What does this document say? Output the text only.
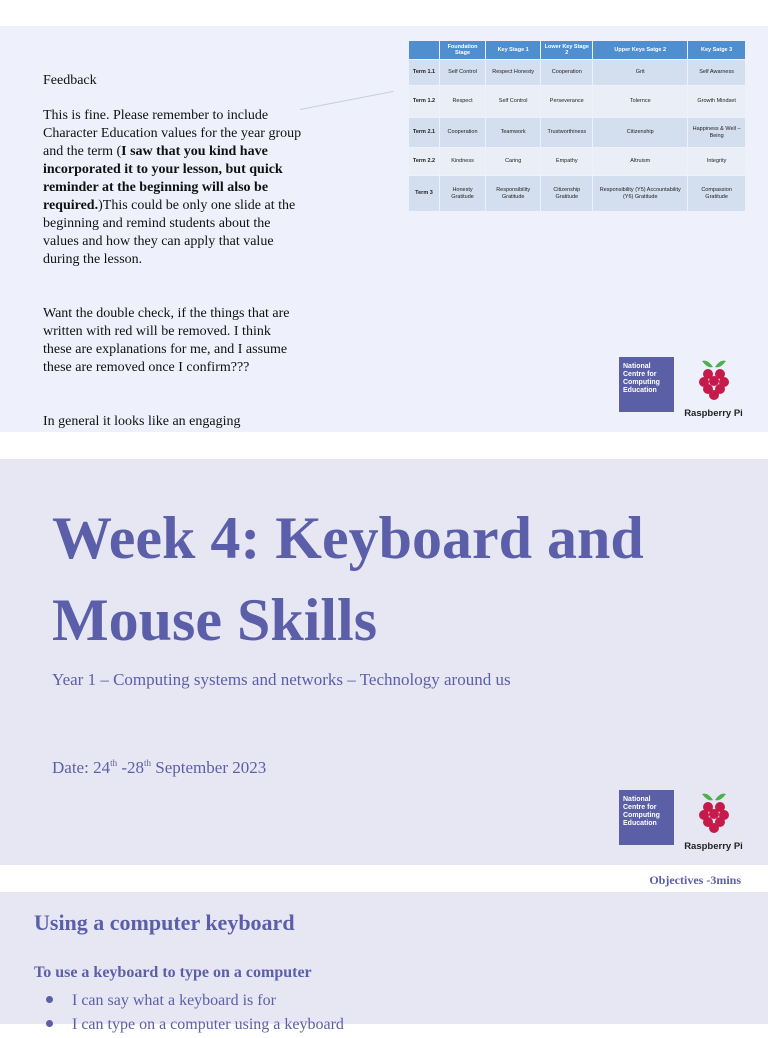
Feedback
This is fine. Please remember to include Character Education values for the year group and the term (I saw that you kind have incorporated it to your lesson, but quick reminder at the beginning will also be required.)This could be only one slide at the beginning and remind students about the values and how they can apply that value during the lesson.
Want the double check, if the things that are written with red will be removed. I think these are explanations for me, and I assume these are removed once I confirm???
In general it looks like an engaging
	Foundation Stage	Key Stage 1	Lower Key Stage 2	Upper Keys Satge 2	Key Satge 3
Term 1.1	Self Control	Respect Honesty	Cooperation	Grit	Self Awarness
Term 1.2	Respect	Self Control	Perseverance	Tolernce	Growth Mindset
Term 2.1	Cooperation	Teamwork	Trustworthiness	Citizenship	Happiness & Well – Being
Term 2.2	Kindness	Caring	Empathy	Altruism	Integrity
Term 3	Honesty Gratitude	Responsibility Gratitude	Citizenship Gratitude	Responsibility (Y5) Accountability (Y6) Gratitude	Compassion Gratitude
National Centre for Computing Education
Raspberry Pi
Week 4: Keyboard and Mouse Skills
Year 1 – Computing systems and networks – Technology around us
Date: 24th -28th September 2023
National Centre for Computing Education
Raspberry Pi
Objectives -3mins
Using a computer keyboard
To use a keyboard to type on a computer
I can say what a keyboard is for
I can type on a computer using a keyboard
